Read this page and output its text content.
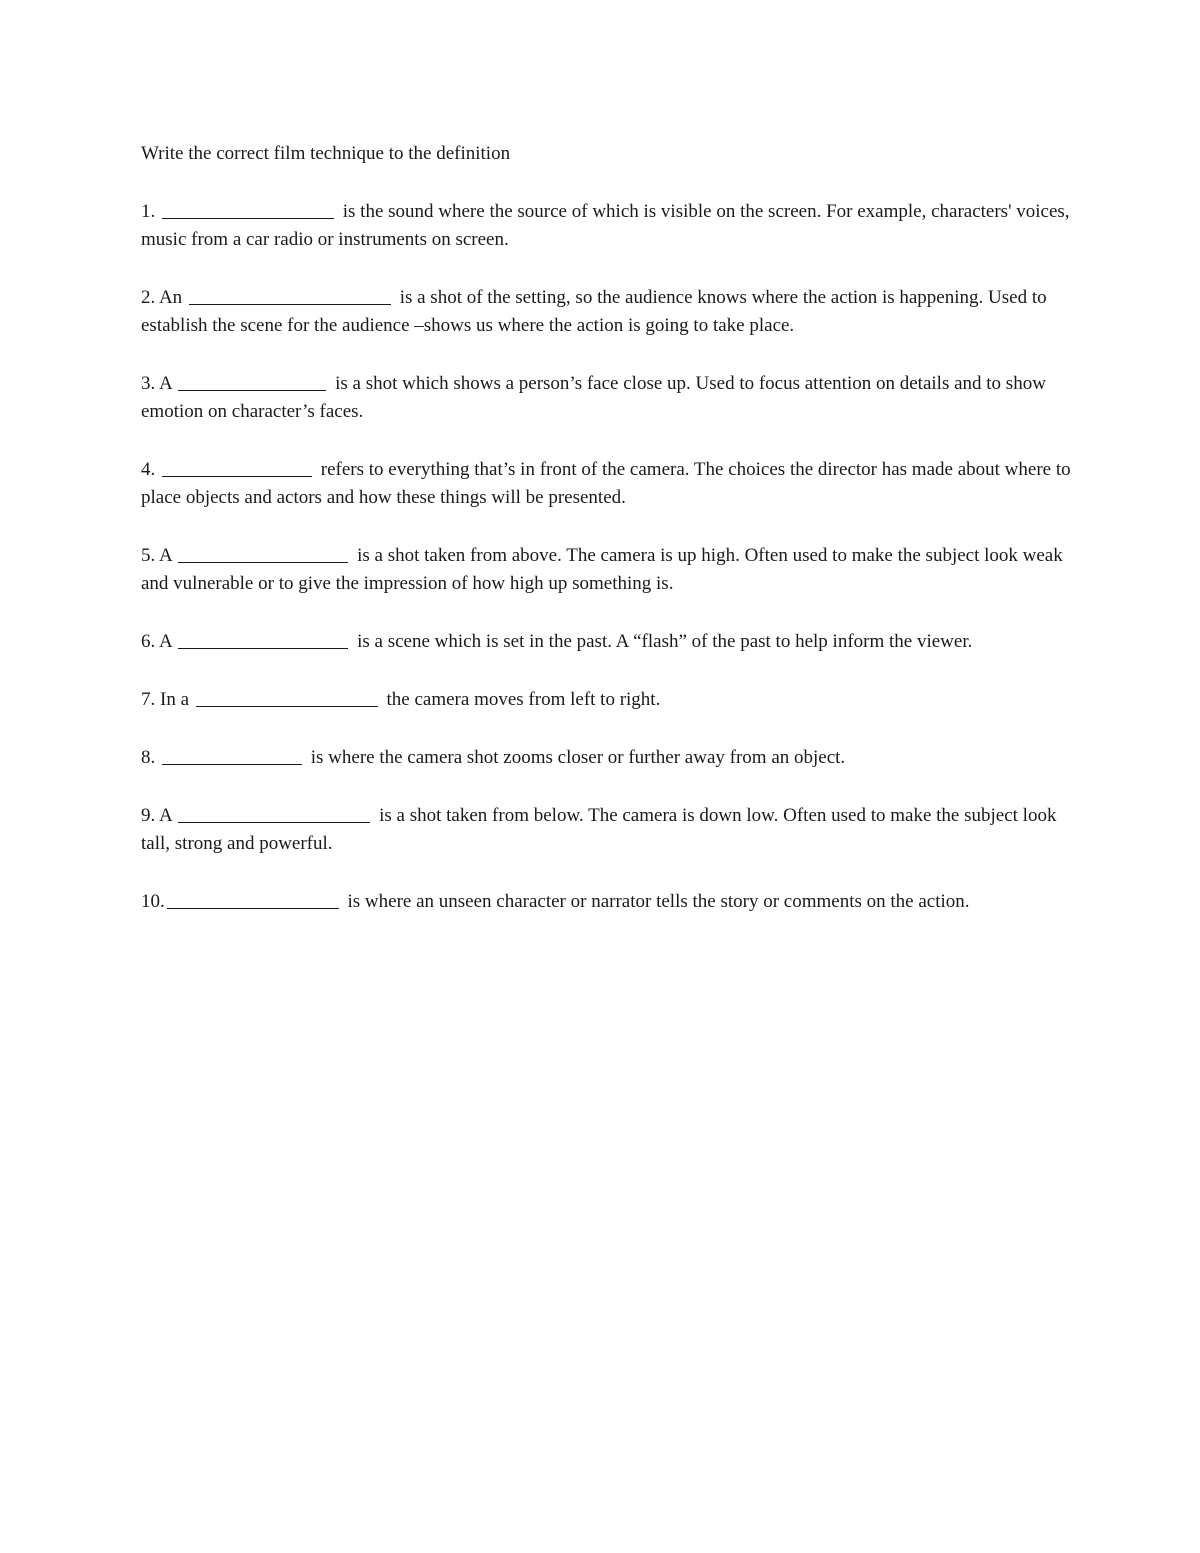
Write the correct film technique to the definition
1.	is the sound where the source of which is visible on the screen. For example, characters' voices, music from a car radio or instruments on screen.
2. An	is a shot of the setting, so the audience knows where the action is happening. Used to establish the scene for the audience –shows us where the action is going to take place.
3. A	is a shot which shows a person’s face close up. Used to focus attention on details and to show emotion on character’s faces.
4.	refers to everything that’s in front of the camera. The choices the director has made about where to place objects and actors and how these things will be presented.
5. A	is a shot taken from above. The camera is up high. Often used to make the subject look weak and vulnerable or to give the impression of how high up something is.
6. A	is a scene which is set in the past. A “flash” of the past to help inform the viewer.
7. In a	the camera moves from left to right.
8.	is where the camera shot zooms closer or further away from an object.
9. A	is a shot taken from below. The camera is down low. Often used to make the subject look tall, strong and powerful.
10.	is where an unseen character or narrator tells the story or comments on the action.
